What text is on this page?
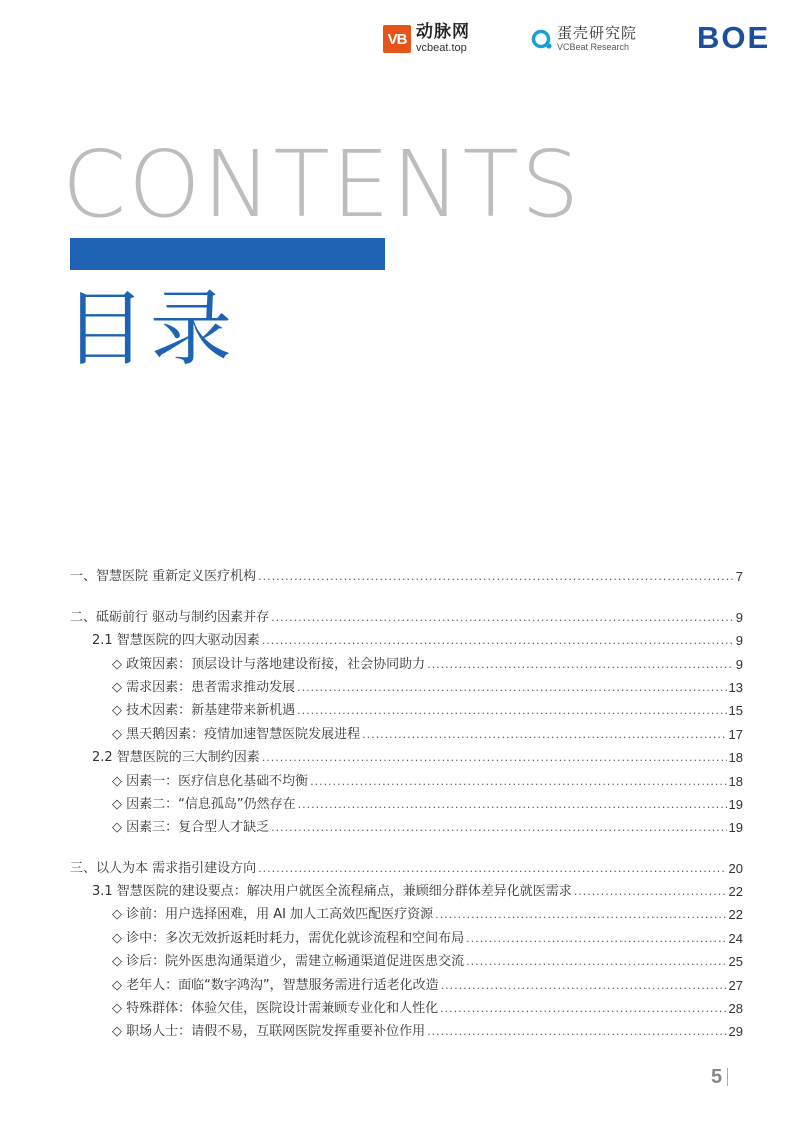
VB 动脉网
vcbeat.top
蛋壳研究院
VCBeat Research BOE
CONTENTS
目录
一、智慧医院 重新定义医疗机构 .....	7
二、砥砺前行 驱动与制约因素并存 .....	9
2.1 智慧医院的四大驱动因素 .....	9
◇ 政策因素：顶层设计与落地建设衔接，社会协同助力 .....	9
◇ 需求因素：患者需求推动发展 .....	13
◇ 技术因素：新基建带来新机遇 .....	15
◇ 黑天鹅因素：疫情加速智慧医院发展进程 .....	17
2.2 智慧医院的三大制约因素 .....	18
◇ 因素一：医疗信息化基础不均衡 .....	18
◇ 因素二：“信息孤岛”仍然存在 .....	19
◇ 因素三：复合型人才缺乏 .....	19
三、以人为本 需求指引建设方向 .....	20
3.1 智慧医院的建设要点：解决用户就医全流程痛点，兼顾细分群体差异化就医需求 .....	22
◇ 诊前：用户选择困难，用 AI 加人工高效匹配医疗资源 .....	22
◇ 诊中：多次无效折返耗时耗力，需优化就诊流程和空间布局 .....	24
◇ 诊后：院外医患沟通渠道少，需建立畅通渠道促进医患交流 .....	25
◇ 老年人：面临“数字鸿沟”，智慧服务需进行适老化改造 .....	27
◇ 特殊群体：体验欠佳，医院设计需兼顾专业化和人性化 .....	28
◇ 职场人士：请假不易，互联网医院发挥重要补位作用 .....	29
5
